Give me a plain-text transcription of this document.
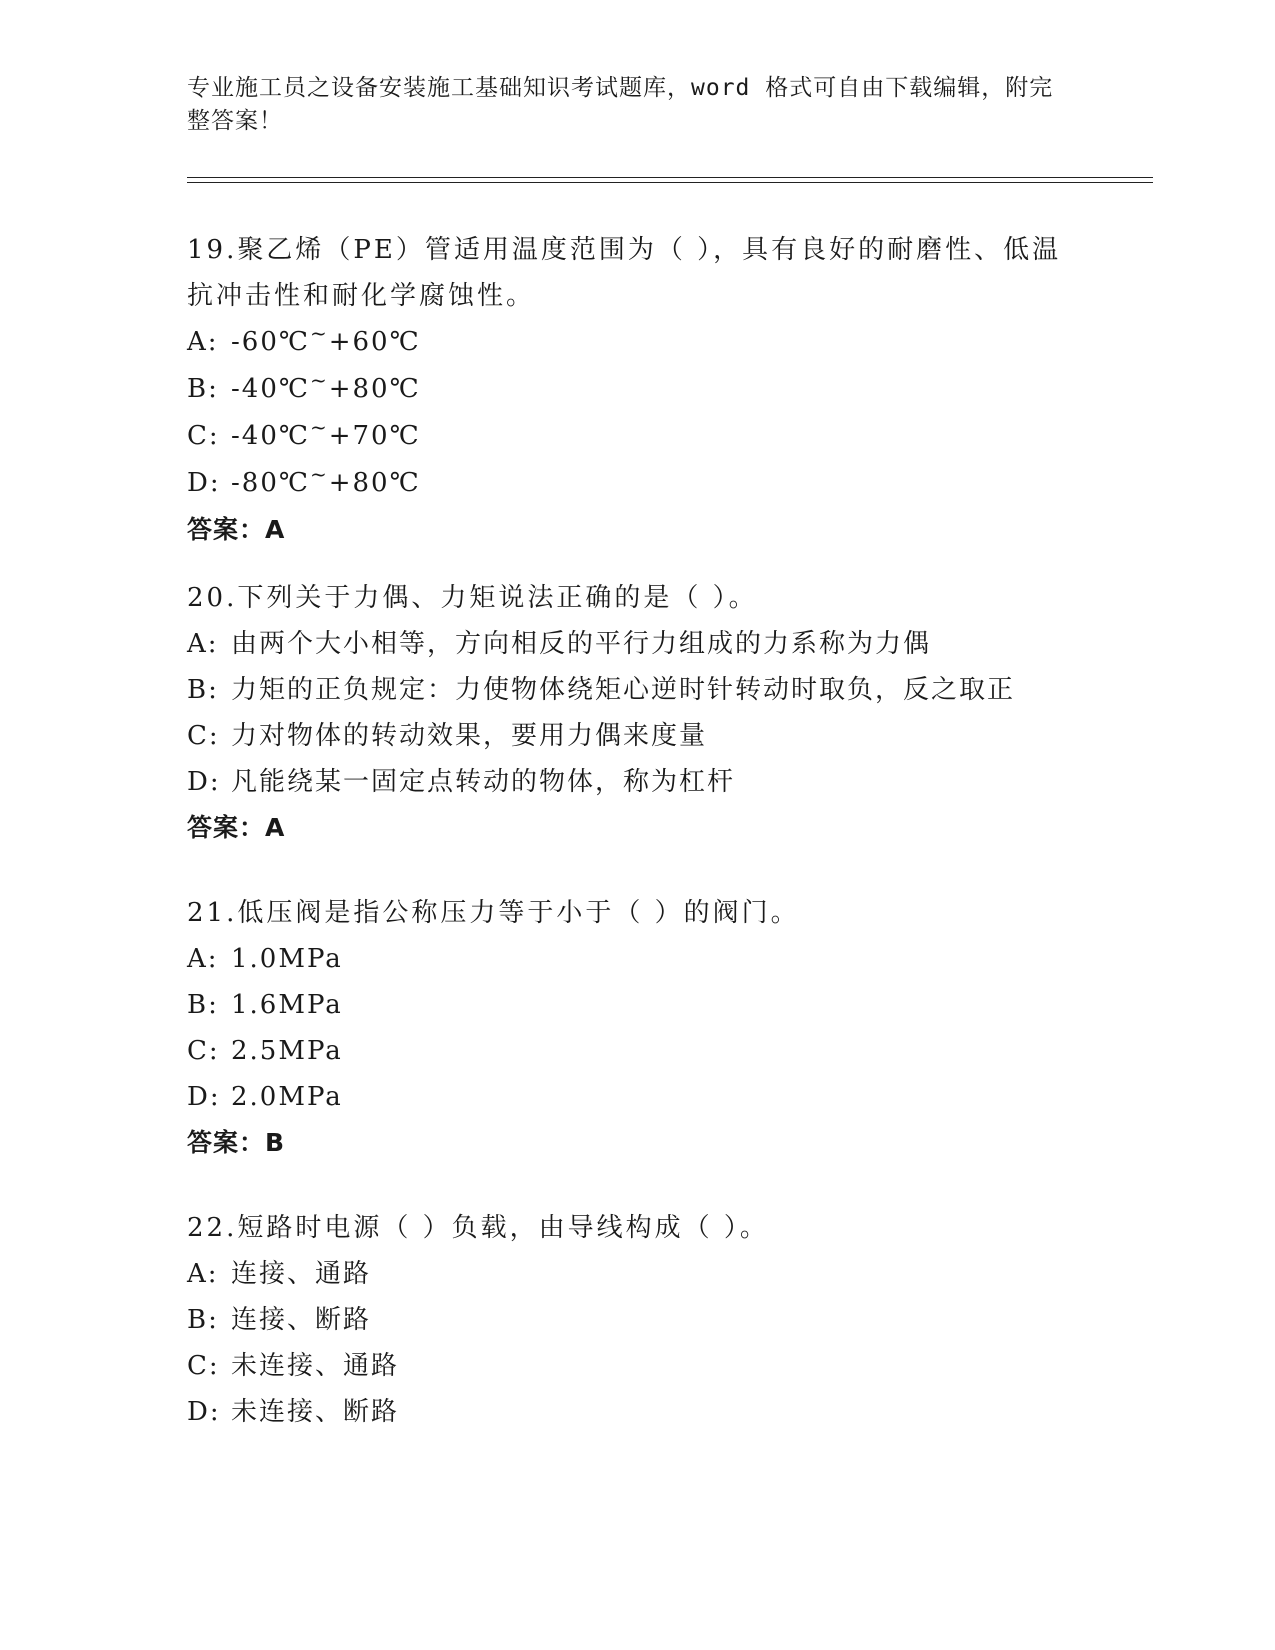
专业施工员之设备安装施工基础知识考试题库，word 格式可自由下载编辑，附完
整答案！

19.聚乙烯（PE）管适用温度范围为（ ），具有良好的耐磨性、低温

抗冲击性和耐化学腐蚀性。

A: -60℃~+60℃

B: -40℃~+80℃

C: -40℃~+70℃

D: -80℃~+80℃

答案：A

20.下列关于力偶、力矩说法正确的是（ ）。

A: 由两个大小相等，方向相反的平行力组成的力系称为力偶

B: 力矩的正负规定：力使物体绕矩心逆时针转动时取负，反之取正

C: 力对物体的转动效果，要用力偶来度量

D: 凡能绕某一固定点转动的物体，称为杠杆

答案：A

21.低压阀是指公称压力等于小于（ ）的阀门。

A: 1.0MPa

B: 1.6MPa

C: 2.5MPa

D: 2.0MPa

答案：B

22.短路时电源（ ）负载，由导线构成（ ）。

A: 连接、通路

B: 连接、断路

C: 未连接、通路

D: 未连接、断路
